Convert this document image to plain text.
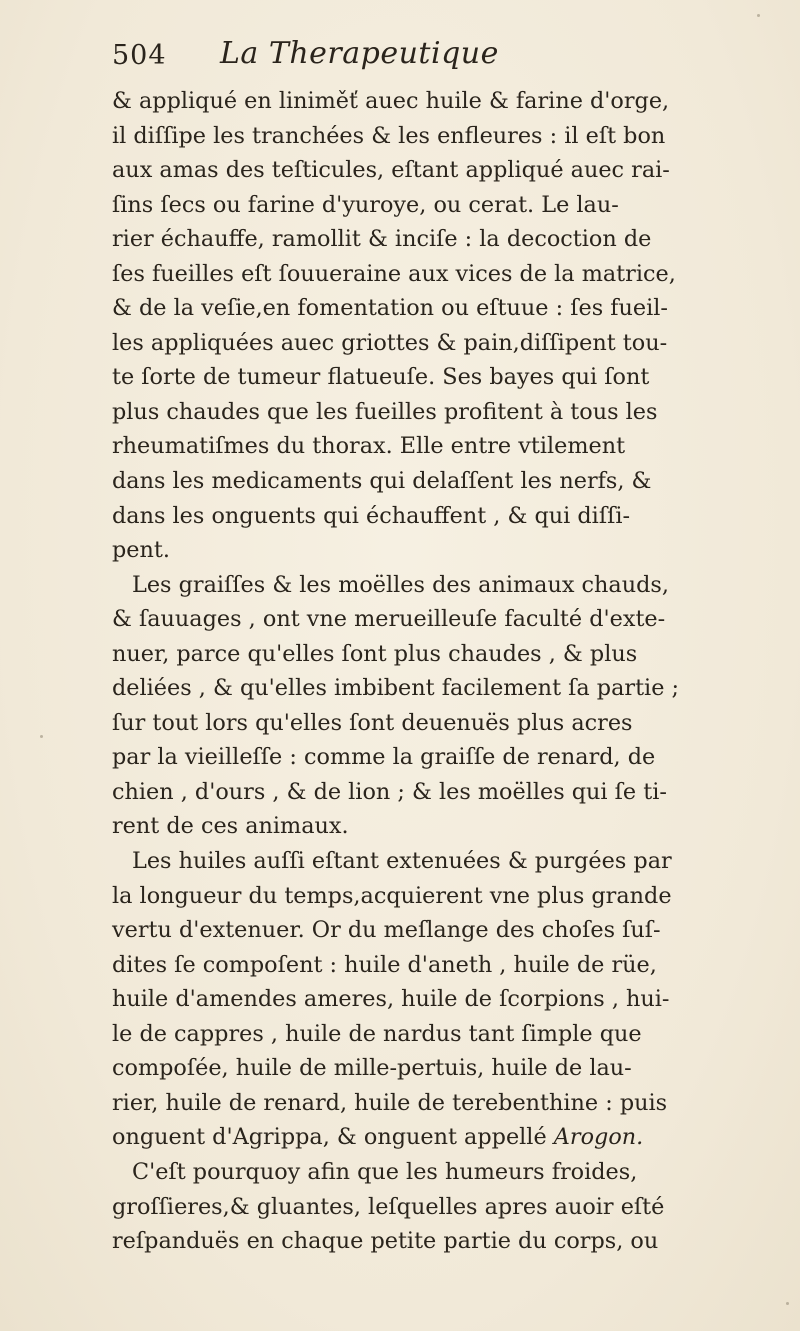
504 La Therapeutique
& appliqué en liniměť auec huile & farine d'orge,
il diſſipe les tranchées & les enfleures : il eſt bon
aux amas des teſticules, eſtant appliqué auec rai-
ſins ſecs ou farine d'yuroye, ou cerat. Le lau-
rier échauffe, ramollit & inciſe : la decoction de
ſes fueilles eſt ſouueraine aux vices de la matrice,
& de la veſie,en fomentation ou eſtuue : ſes fueil-
les appliquées auec griottes & pain,diſſipent tou-
te ſorte de tumeur flatueuſe. Ses bayes qui ſont
plus chaudes que les fueilles profitent à tous les
rheumatiſmes du thorax. Elle entre vtilement
dans les medicaments qui delaſſent les nerfs, &
dans les onguents qui échauffent , & qui diſſi-
pent.
Les graiſſes & les moëlles des animaux chauds,
& ſauuages , ont vne merueilleuſe faculté d'exte-
nuer, parce qu'elles ſont plus chaudes , & plus
deliées , & qu'elles imbibent facilement ſa partie ;
ſur tout lors qu'elles ſont deuenuës plus acres
par la vieilleſſe : comme la graiſſe de renard, de
chien , d'ours , & de lion ; & les moëlles qui ſe ti-
rent de ces animaux.
Les huiles auſſi eſtant extenuées & purgées par
la longueur du temps,acquierent vne plus grande
vertu d'extenuer. Or du meſlange des choſes ſuſ-
dites ſe compoſent : huile d'aneth , huile de rüe,
huile d'amendes ameres, huile de ſcorpions , hui-
le de cappres , huile de nardus tant ſimple que
compoſée, huile de mille-pertuis, huile de lau-
rier, huile de renard, huile de terebenthine : puis
onguent d'Agrippa, & onguent appellé Arogon.
C'eſt pourquoy afin que les humeurs froides,
groſſieres,& gluantes, leſquelles apres auoir eſté
reſpanduës en chaque petite partie du corps, ou
